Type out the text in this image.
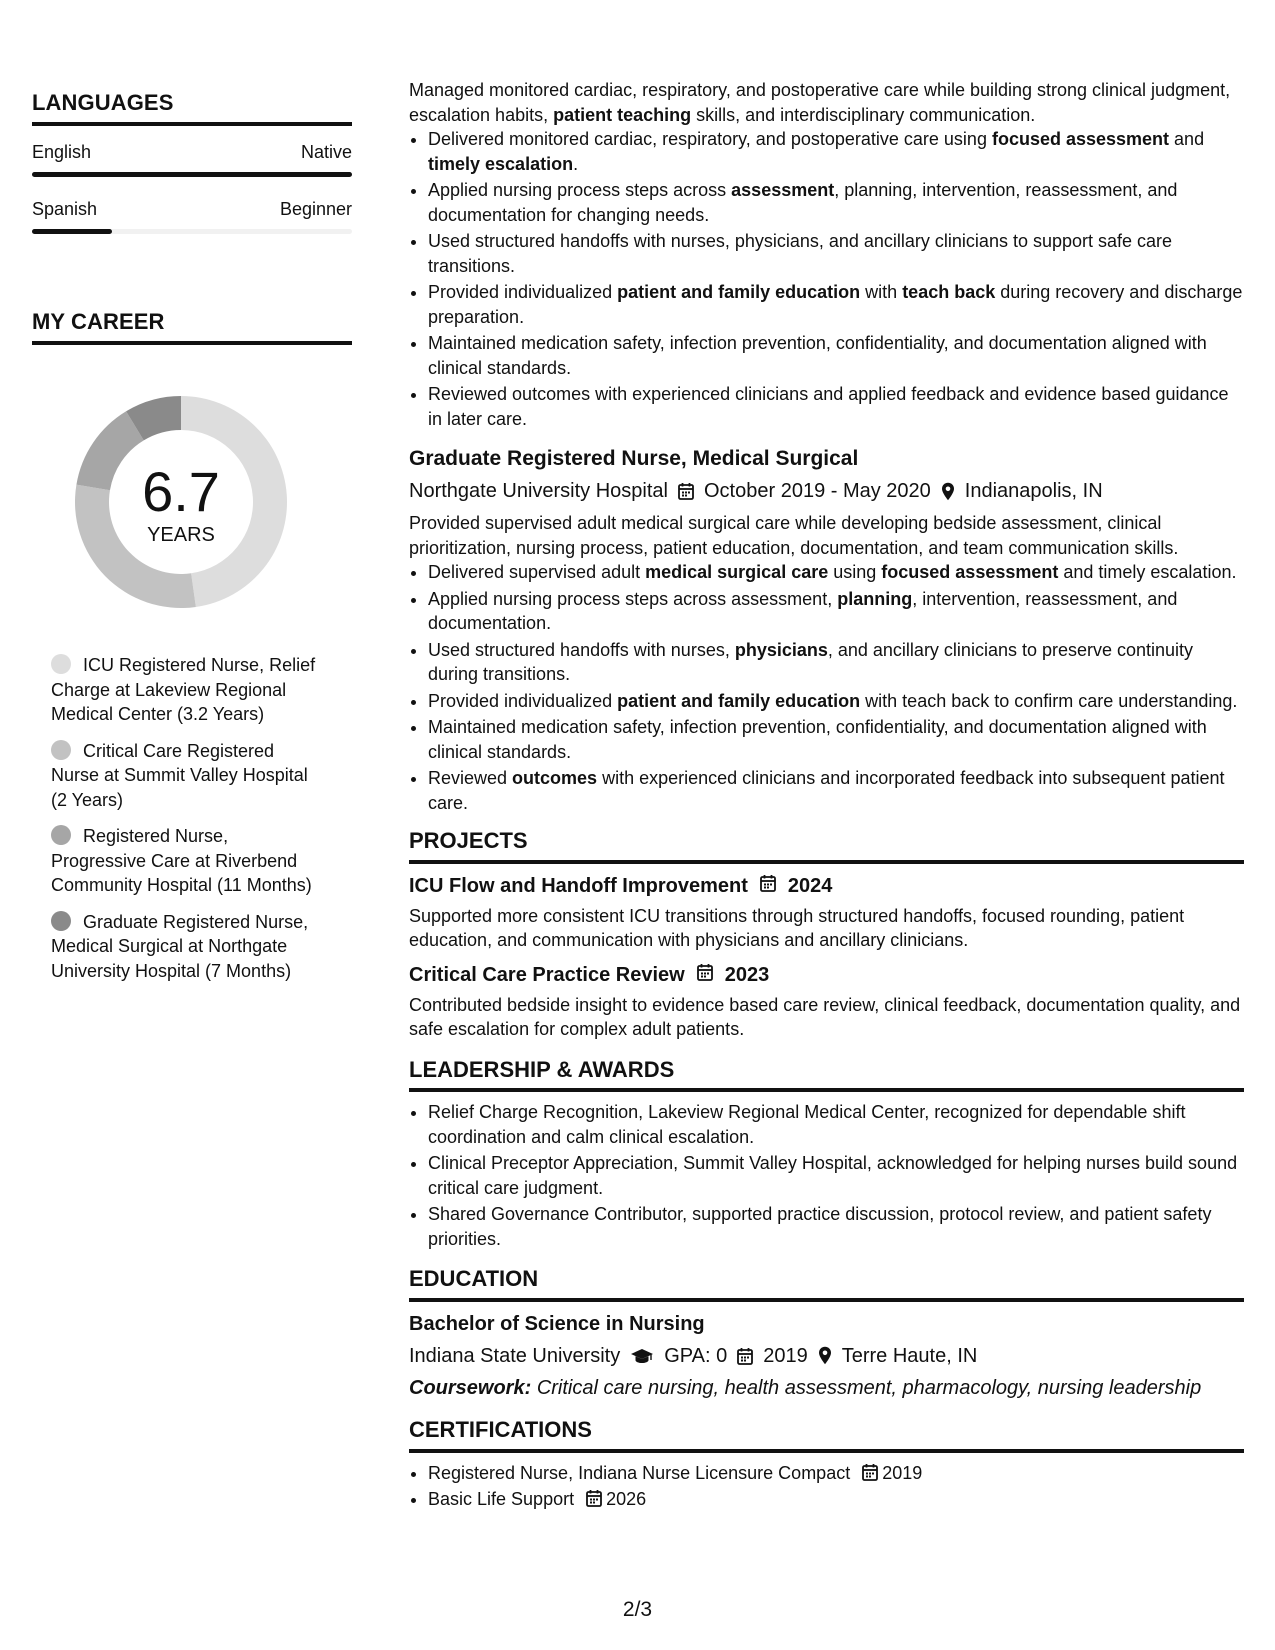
LANGUAGES
English	Native
Spanish	Beginner
MY CAREER
6.7
YEARS
ICU Registered Nurse, Relief Charge at Lakeview Regional Medical Center (3.2 Years)
Critical Care Registered Nurse at Summit Valley Hospital (2 Years)
Registered Nurse, Progressive Care at Riverbend Community Hospital (11 Months)
Graduate Registered Nurse, Medical Surgical at Northgate University Hospital (7 Months)

Managed monitored cardiac, respiratory, and postoperative care while building strong clinical judgment, escalation habits, patient teaching skills, and interdisciplinary communication.

• Delivered monitored cardiac, respiratory, and postoperative care using focused assessment and timely escalation.
• Applied nursing process steps across assessment, planning, intervention, reassessment, and documentation for changing needs.
• Used structured handoffs with nurses, physicians, and ancillary clinicians to support safe care transitions.
• Provided individualized patient and family education with teach back during recovery and discharge preparation.
• Maintained medication safety, infection prevention, confidentiality, and documentation aligned with clinical standards.
• Reviewed outcomes with experienced clinicians and applied feedback and evidence based guidance in later care.
Graduate Registered Nurse, Medical Surgical
Northgate University Hospital October 2019 - May 2020 Indianapolis, IN

Provided supervised adult medical surgical care while developing bedside assessment, clinical prioritization, nursing process, patient education, documentation, and team communication skills.

• Delivered supervised adult medical surgical care using focused assessment and timely escalation.
• Applied nursing process steps across assessment, planning, intervention, reassessment, and documentation.
• Used structured handoffs with nurses, physicians, and ancillary clinicians to preserve continuity during transitions.
• Provided individualized patient and family education with teach back to confirm care understanding.
• Maintained medication safety, infection prevention, confidentiality, and documentation aligned with clinical standards.
• Reviewed outcomes with experienced clinicians and incorporated feedback into subsequent patient care.
PROJECTS
ICU Flow and Handoff Improvement 2024

Supported more consistent ICU transitions through structured handoffs, focused rounding, patient education, and communication with physicians and ancillary clinicians.

Critical Care Practice Review 2023

Contributed bedside insight to evidence based care review, clinical feedback, documentation quality, and safe escalation for complex adult patients.

LEADERSHIP & AWARDS
• Relief Charge Recognition, Lakeview Regional Medical Center, recognized for dependable shift coordination and calm clinical escalation.
• Clinical Preceptor Appreciation, Summit Valley Hospital, acknowledged for helping nurses build sound critical care judgment.
• Shared Governance Contributor, supported practice discussion, protocol review, and patient safety priorities.
EDUCATION
Bachelor of Science in Nursing
Indiana State University GPA: 0 2019 Terre Haute, IN
Coursework: Critical care nursing, health assessment, pharmacology, nursing leadership
CERTIFICATIONS
• Registered Nurse, Indiana Nurse Licensure Compact 2019
• Basic Life Support 2026
2/3
